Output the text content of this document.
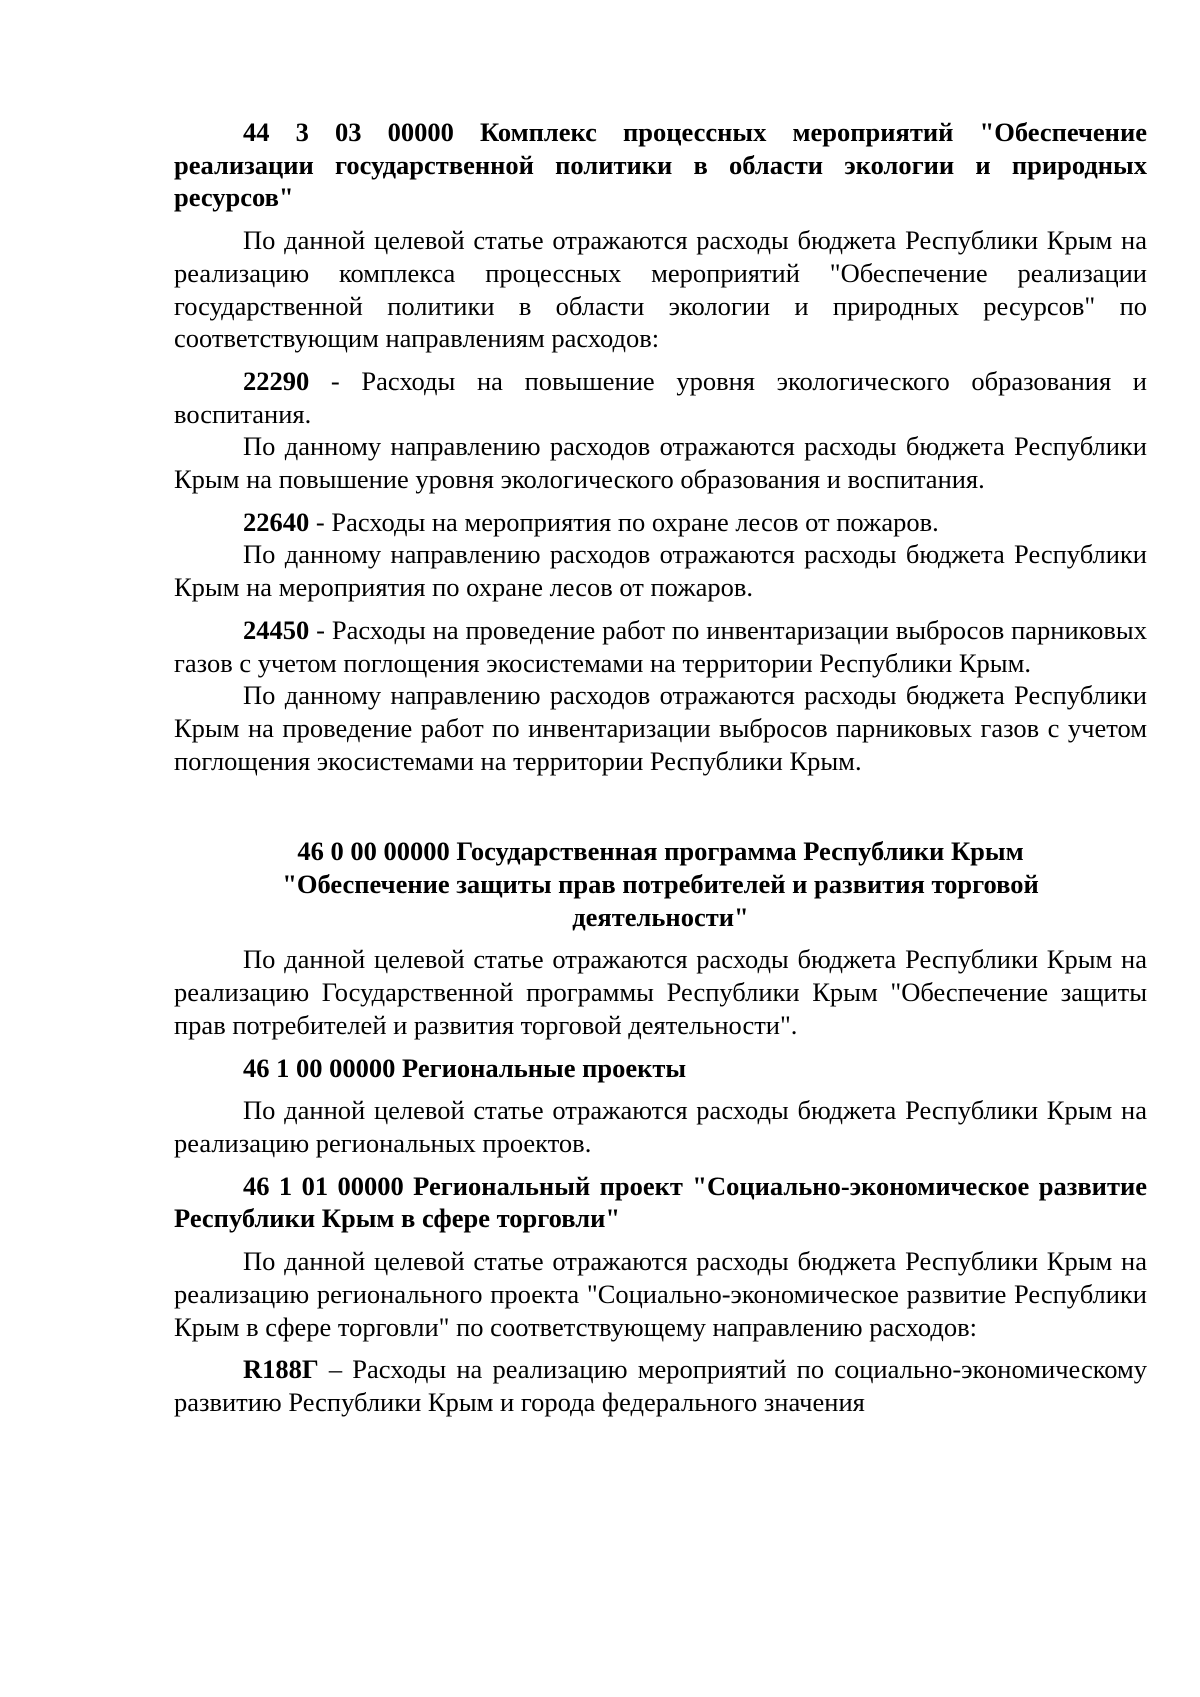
44 3 03 00000 Комплекс процессных мероприятий "Обеспечение реализации государственной политики в области экологии и природных ресурсов"

По данной целевой статье отражаются расходы бюджета Республики Крым на реализацию комплекса процессных мероприятий "Обеспечение реализации государственной политики в области экологии и природных ресурсов" по соответствующим направлениям расходов:

22290 - Расходы на повышение уровня экологического образования и воспитания.

По данному направлению расходов отражаются расходы бюджета Республики Крым на повышение уровня экологического образования и воспитания.

22640 - Расходы на мероприятия по охране лесов от пожаров.

По данному направлению расходов отражаются расходы бюджета Республики Крым на мероприятия по охране лесов от пожаров.

24450 - Расходы на проведение работ по инвентаризации выбросов парниковых газов с учетом поглощения экосистемами на территории Республики Крым.

По данному направлению расходов отражаются расходы бюджета Республики Крым на проведение работ по инвентаризации выбросов парниковых газов с учетом поглощения экосистемами на территории Республики Крым.

46 0 00 00000 Государственная программа Республики Крым
"Обеспечение защиты прав потребителей и развития торговой
деятельности"

По данной целевой статье отражаются расходы бюджета Республики Крым на реализацию Государственной программы Республики Крым "Обеспечение защиты прав потребителей и развития торговой деятельности".

46 1 00 00000 Региональные проекты

По данной целевой статье отражаются расходы бюджета Республики Крым на реализацию региональных проектов.

46 1 01 00000 Региональный проект "Социально-экономическое развитие Республики Крым в сфере торговли"

По данной целевой статье отражаются расходы бюджета Республики Крым на реализацию регионального проекта "Социально-экономическое развитие Республики Крым в сфере торговли" по соответствующему направлению расходов:

R188Г – Расходы на реализацию мероприятий по социально-экономическому развитию Республики Крым и города федерального значения
